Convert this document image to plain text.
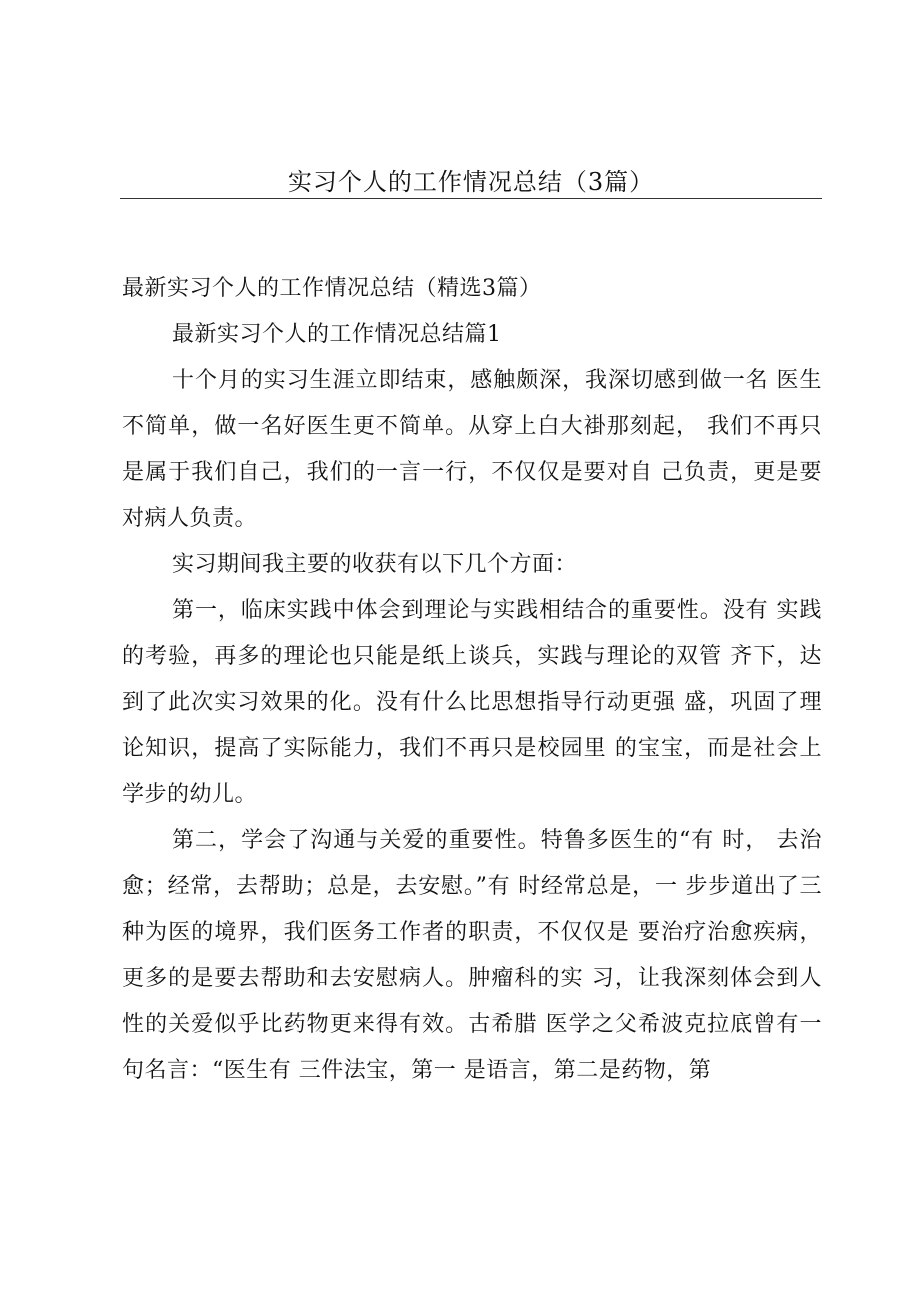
实习个人的工作情况总结（3篇）

最新实习个人的工作情况总结（精选3篇）

最新实习个人的工作情况总结篇1

十个月的实习生涯立即结束，感触颇深，我深切感到做一名 医生不简单，做一名好医生更不简单。从穿上白大褂那刻起， 我们不再只是属于我们自己，我们的一言一行，不仅仅是要对自 己负责，更是要对病人负责。

实习期间我主要的收获有以下几个方面：

第一，临床实践中体会到理论与实践相结合的重要性。没有 实践的考验，再多的理论也只能是纸上谈兵，实践与理论的双管 齐下，达到了此次实习效果的化。没有什么比思想指导行动更强 盛，巩固了理论知识，提高了实际能力，我们不再只是校园里 的宝宝，而是社会上学步的幼儿。

第二，学会了沟通与关爱的重要性。特鲁多医生的“有 时， 去治愈；经常，去帮助；总是，去安慰。”有 时经常总是，一 步步道出了三种为医的境界，我们医务工作者的职责，不仅仅是 要治疗治愈疾病，更多的是要去帮助和去安慰病人。肿瘤科的实 习，让我深刻体会到人性的关爱似乎比药物更来得有效。古希腊 医学之父希波克拉底曾有一句名言：“医生有 三件法宝，第一 是语言，第二是药物，第
